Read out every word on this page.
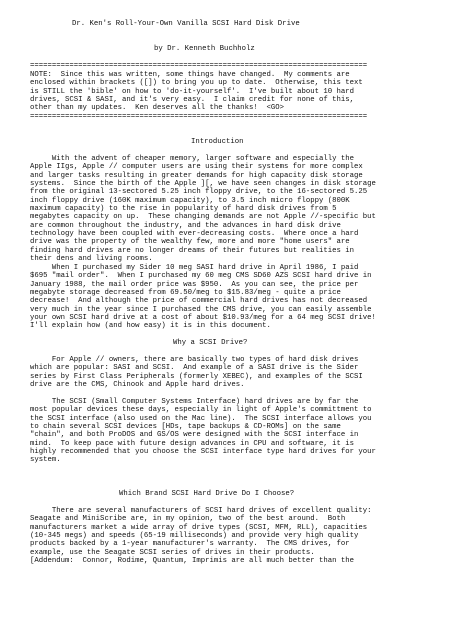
Dr. Ken's Roll-Your-Own Vanilla SCSI Hard Disk Drive
by Dr. Kenneth Buchholz
=============================================================================
NOTE:  Since this was written, some things have changed.  My comments are
enclosed within brackets ([]) to bring you up to date.  Otherwise, this text
is STILL the 'bible' on how to 'do-it-yourself'.  I've built about 10 hard
drives, SCSI & SASI, and it's very easy.  I claim credit for none of this,
other than my updates.  Ken deserves all the thanks!  <GO>
=============================================================================
Introduction
With the advent of cheaper memory, larger software and especially the
Apple IIgs, Apple // computer users are using their systems for more complex
and larger tasks resulting in greater demands for high capacity disk storage
systems.  Since the birth of the Apple ][, we have seen changes in disk storage
from the original 13-sectored 5.25 inch floppy drive, to the 16-sectored 5.25
inch floppy drive (160K maximum capacity), to 3.5 inch micro floppy (800K
maximum capacity) to the rise in popularity of hard disk drives from 5
megabytes capacity on up.  These changing demands are not Apple //-specific but
are common throughout the industry, and the advances in hard disk drive
technology have been coupled with ever-decreasing costs.  Where once a hard
drive was the property of the wealthy few, more and more "home users" are
finding hard drives are no longer dreams of their futures but realities in
their dens and living rooms.
When I purchased my Sider 10 meg SASI hard drive in April 1986, I paid
$695 "mail order".  When I purchased my 60 meg CMS SD60 AZS SCSI hard drive in
January 1988, the mail order price was $950.  As you can see, the price per
megabyte storage decreased from 69.50/meg to $15.83/meg - quite a price
decrease!  And although the price of commercial hard drives has not decreased
very much in the year since I purchased the CMS drive, you can easily assemble
your own SCSI hard drive at a cost of about $10.93/meg for a 64 meg SCSI drive!
I'll explain how (and how easy) it is in this document.
Why a SCSI Drive?
For Apple // owners, there are basically two types of hard disk drives
which are popular: SASI and SCSI.  And example of a SASI drive is the Sider
series by First Class Peripherals (formerly XEBEC), and examples of the SCSI
drive are the CMS, Chinook and Apple hard drives.
The SCSI (Small Computer Systems Interface) hard drives are by far the
most popular devices these days, especially in light of Apple's committment to
the SCSI interface (also used on the Mac line).  The SCSI interface allows you
to chain several SCSI devices [HDs, tape backups & CD-ROMs] on the same
"chain", and both ProDOS and GS/OS were designed with the SCSI interface in
mind.  To keep pace with future design advances in CPU and software, it is
highly recommended that you choose the SCSI interface type hard drives for your
system.
Which Brand SCSI Hard Drive Do I Choose?
There are several manufacturers of SCSI hard drives of excellent quality:
Seagate and MiniScribe are, in my opinion, two of the best around.  Both
manufacturers market a wide array of drive types (SCSI, MFM, RLL), capacities
(10-345 megs) and speeds (65-19 milliseconds) and provide very high quality
products backed by a 1-year manufacturer's warranty.  The CMS drives, for
example, use the Seagate SCSI series of drives in their products.
[Addendum:  Connor, Rodime, Quantum, Imprimis are all much better than the
